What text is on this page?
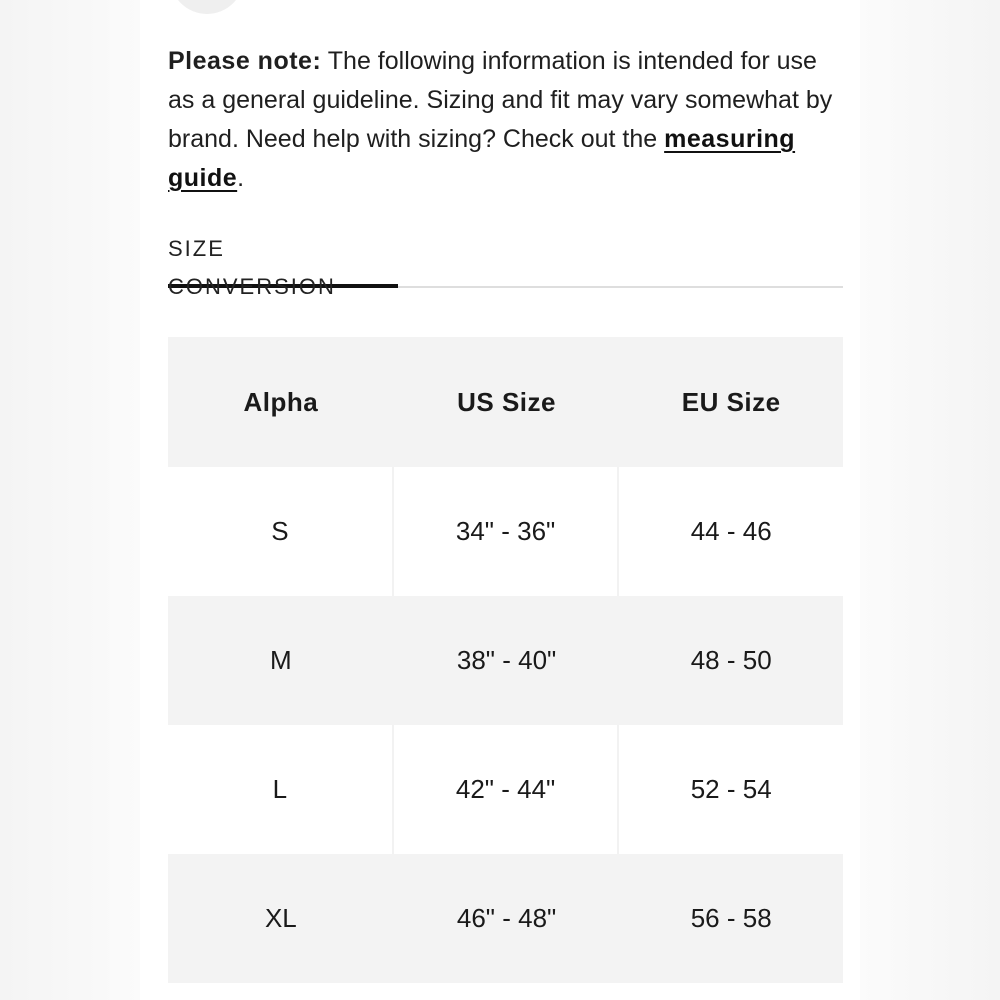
Please note: The following information is intended for use as a general guideline. Sizing and fit may vary somewhat by brand. Need help with sizing? Check out the measuring guide.

SIZE CONVERSION
Alpha	US Size	EU Size
S	34" - 36"	44 - 46
M	38" - 40"	48 - 50
L	42" - 44"	52 - 54
XL	46" - 48"	56 - 58
